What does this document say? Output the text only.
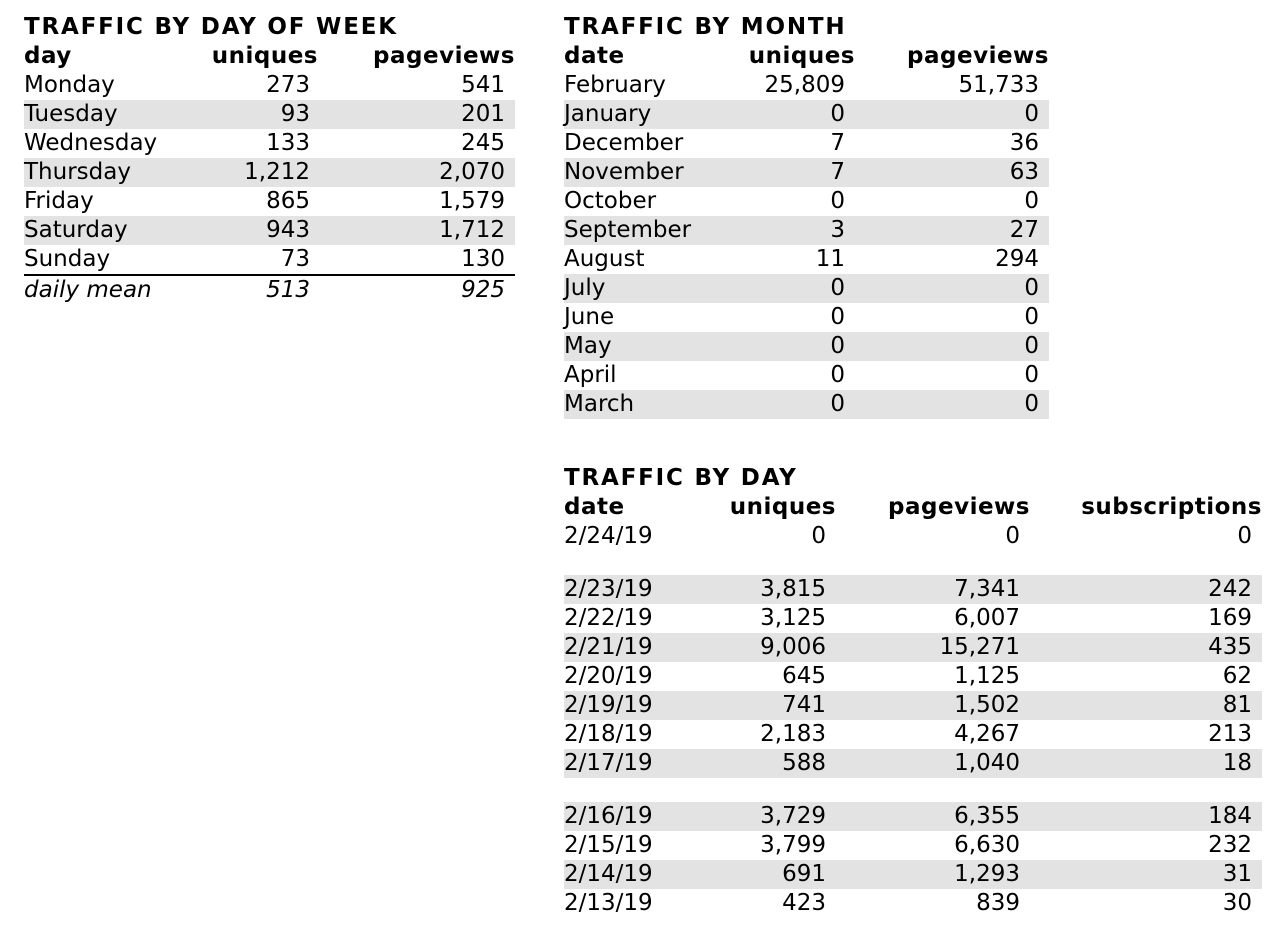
TRAFFIC BY DAY OF WEEK
day	uniques	pageviews
Monday	273	541
Tuesday	93	201
Wednesday	133	245
Thursday	1,212	2,070
Friday	865	1,579
Saturday	943	1,712
Sunday	73	130
daily mean	513	925
TRAFFIC BY MONTH
date	uniques	pageviews
February	25,809	51,733
January	0	0
December	7	36
November	7	63
October	0	0
September	3	27
August	11	294
July	0	0
June	0	0
May	0	0
April	0	0
March	0	0
TRAFFIC BY DAY
date	uniques	pageviews	subscriptions
2/24/19	0	0	0

2/23/19	3,815	7,341	242
2/22/19	3,125	6,007	169
2/21/19	9,006	15,271	435
2/20/19	645	1,125	62
2/19/19	741	1,502	81
2/18/19	2,183	4,267	213
2/17/19	588	1,040	18

2/16/19	3,729	6,355	184
2/15/19	3,799	6,630	232
2/14/19	691	1,293	31
2/13/19	423	839	30
